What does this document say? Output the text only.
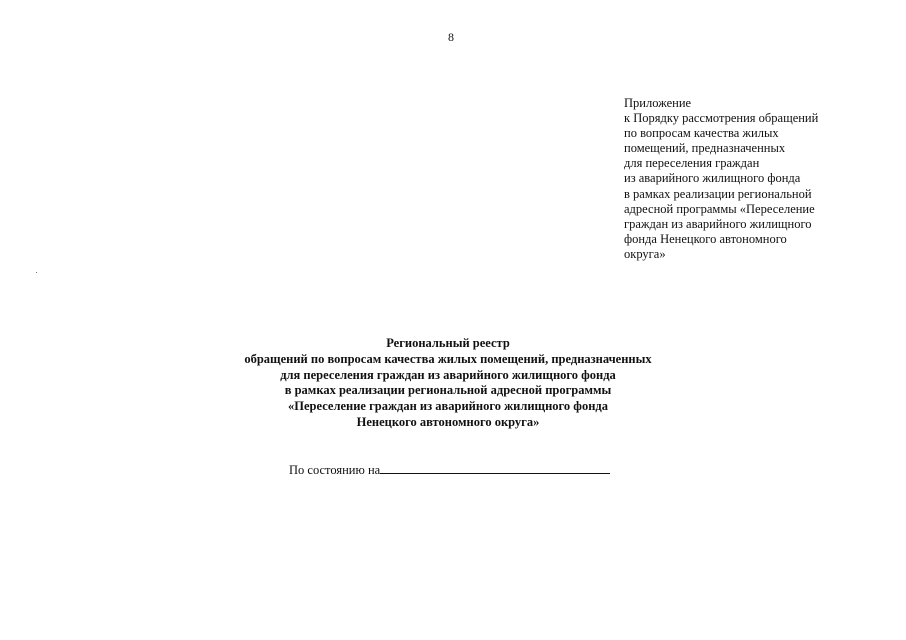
8
Приложение
к Порядку рассмотрения обращений
по вопросам качества жилых
помещений, предназначенных
для переселения граждан
из аварийного жилищного фонда
в рамках реализации региональной
адресной программы «Переселение
граждан из аварийного жилищного
фонда Ненецкого автономного
округа»
Региональный реестр
обращений по вопросам качества жилых помещений, предназначенных
для переселения граждан из аварийного жилищного фонда
в рамках реализации региональной адресной программы
«Переселение граждан из аварийного жилищного фонда
Ненецкого автономного округа»
По состоянию на
